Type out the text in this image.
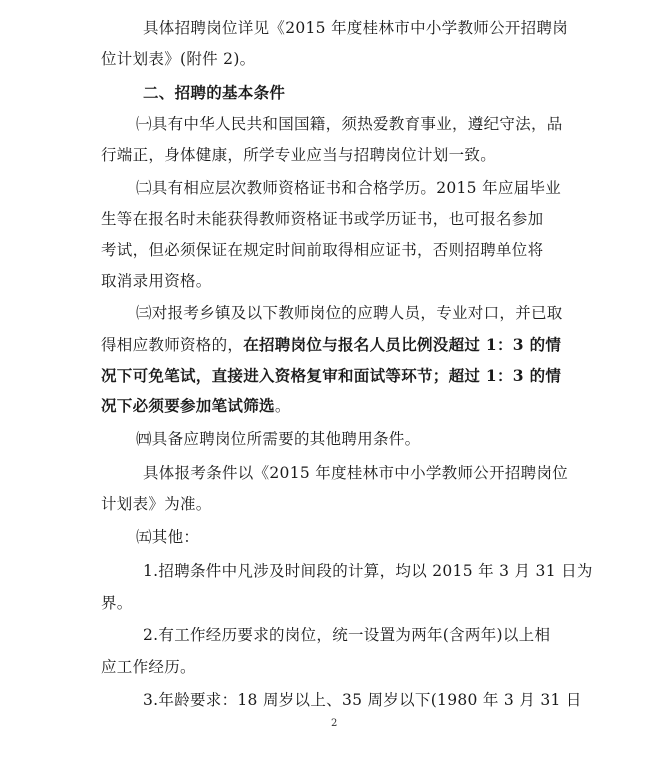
具体招聘岗位详见《2015 年度桂林市中小学教师公开招聘岗
位计划表》(附件 2)。
二、招聘的基本条件
㈠具有中华人民共和国国籍，须热爱教育事业，遵纪守法，品
行端正，身体健康，所学专业应当与招聘岗位计划一致。
㈡具有相应层次教师资格证书和合格学历。2015 年应届毕业
生等在报名时未能获得教师资格证书或学历证书，也可报名参加
考试，但必须保证在规定时间前取得相应证书，否则招聘单位将
取消录用资格。
㈢对报考乡镇及以下教师岗位的应聘人员，专业对口，并已取
得相应教师资格的，在招聘岗位与报名人员比例没超过 1：3 的情
况下可免笔试，直接进入资格复审和面试等环节；超过 1：3 的情
况下必须要参加笔试筛选。
㈣具备应聘岗位所需要的其他聘用条件。
具体报考条件以《2015 年度桂林市中小学教师公开招聘岗位
计划表》为准。
㈤其他：
1.招聘条件中凡涉及时间段的计算，均以 2015 年 3 月 31 日为
界。
2.有工作经历要求的岗位，统一设置为两年(含两年)以上相
应工作经历。
3.年龄要求：18 周岁以上、35 周岁以下(1980 年 3 月 31 日
2
